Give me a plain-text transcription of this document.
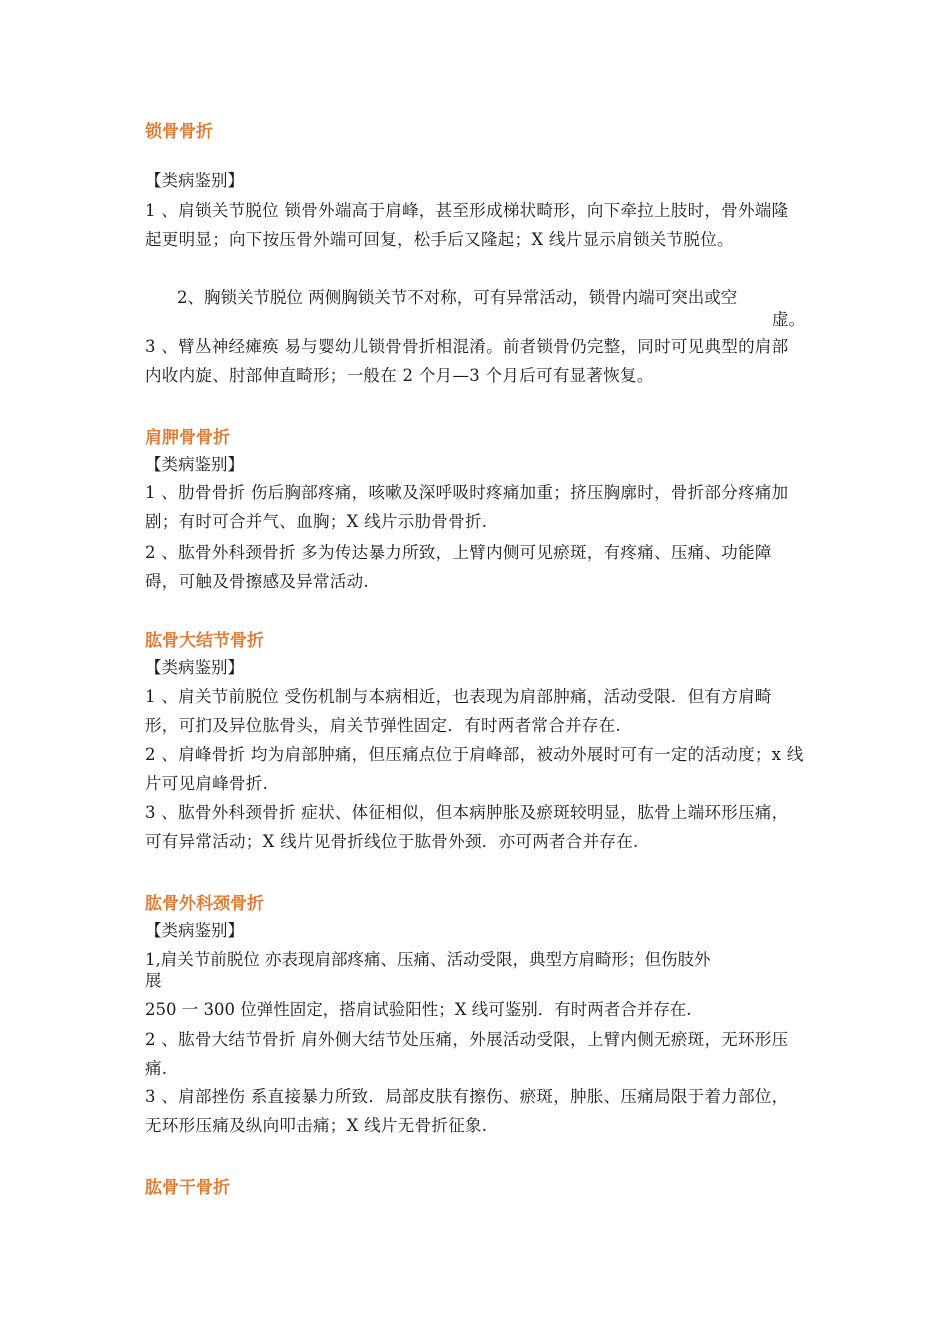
锁骨骨折
【类病鉴别】
1 、肩锁关节脱位 锁骨外端高于肩峰，甚至形成梯状畸形，向下牵拉上肢时，骨外端隆起更明显；向下按压骨外端可回复，松手后又隆起；X 线片显示肩锁关节脱位。
2、胸锁关节脱位 两侧胸锁关节不对称，可有异常活动，锁骨内端可突出或空
虚。
3 、臂丛神经瘫痪 易与婴幼儿锁骨骨折相混淆。前者锁骨仍完整，同时可见典型的肩部内收内旋、肘部伸直畸形；一般在 2 个月—3 个月后可有显著恢复。
肩胛骨骨折
【类病鉴别】
1 、肋骨骨折 伤后胸部疼痛，咳嗽及深呼吸时疼痛加重；挤压胸廓时，骨折部分疼痛加剧；有时可合并气、血胸；X 线片示肋骨骨折.
2 、肱骨外科颈骨折 多为传达暴力所致，上臂内侧可见瘀斑，有疼痛、压痛、功能障碍，可触及骨擦感及异常活动.
肱骨大结节骨折
【类病鉴别】
1 、肩关节前脱位 受伤机制与本病相近，也表现为肩部肿痛，活动受限．但有方肩畸形，可扪及异位肱骨头，肩关节弹性固定．有时两者常合并存在.
2 、肩峰骨折 均为肩部肿痛，但压痛点位于肩峰部，被动外展时可有一定的活动度；x 线片可见肩峰骨折.
3 、肱骨外科颈骨折 症状、体征相似，但本病肿胀及瘀斑较明显，肱骨上端环形压痛，可有异常活动；X 线片见骨折线位于肱骨外颈．亦可两者合并存在.
肱骨外科颈骨折
【类病鉴别】
1,肩关节前脱位 亦表现肩部疼痛、压痛、活动受限，典型方肩畸形；但伤肢外
展
250 一 300 位弹性固定，搭肩试验阳性；X 线可鉴别．有时两者合并存在.
2 、肱骨大结节骨折 肩外侧大结节处压痛，外展活动受限，上臂内侧无瘀斑，无环形压痛.
3 、肩部挫伤 系直接暴力所致．局部皮肤有擦伤、瘀斑，肿胀、压痛局限于着力部位，无环形压痛及纵向叩击痛；X 线片无骨折征象.
肱骨干骨折
